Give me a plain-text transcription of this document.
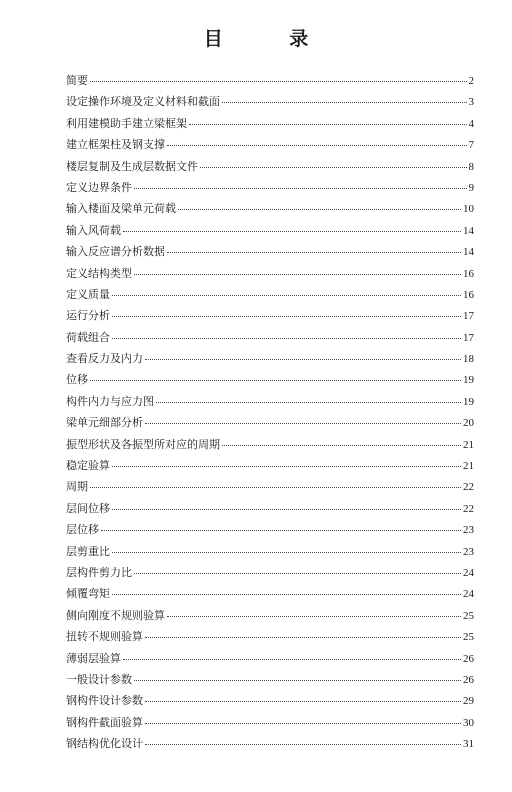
目 录
简要	2
设定操作环境及定义材料和截面	3
利用建模助手建立梁框架	4
建立框架柱及钢支撑	7
楼层复制及生成层数据文件	8
定义边界条件	9
输入楼面及梁单元荷载	10
输入风荷载	14
输入反应谱分析数据	14
定义结构类型	16
定义质量	16
运行分析	17
荷载组合	17
查看反力及内力	18
位移	19
构件内力与应力图	19
梁单元细部分析	20
振型形状及各振型所对应的周期	21
稳定验算	21
周期	22
层间位移	22
层位移	23
层剪重比	23
层构件剪力比	24
倾覆弯矩	24
侧向刚度不规则验算	25
扭转不规则验算	25
薄弱层验算	26
一般设计参数	26
钢构件设计参数	29
钢构件截面验算	30
钢结构优化设计	31
